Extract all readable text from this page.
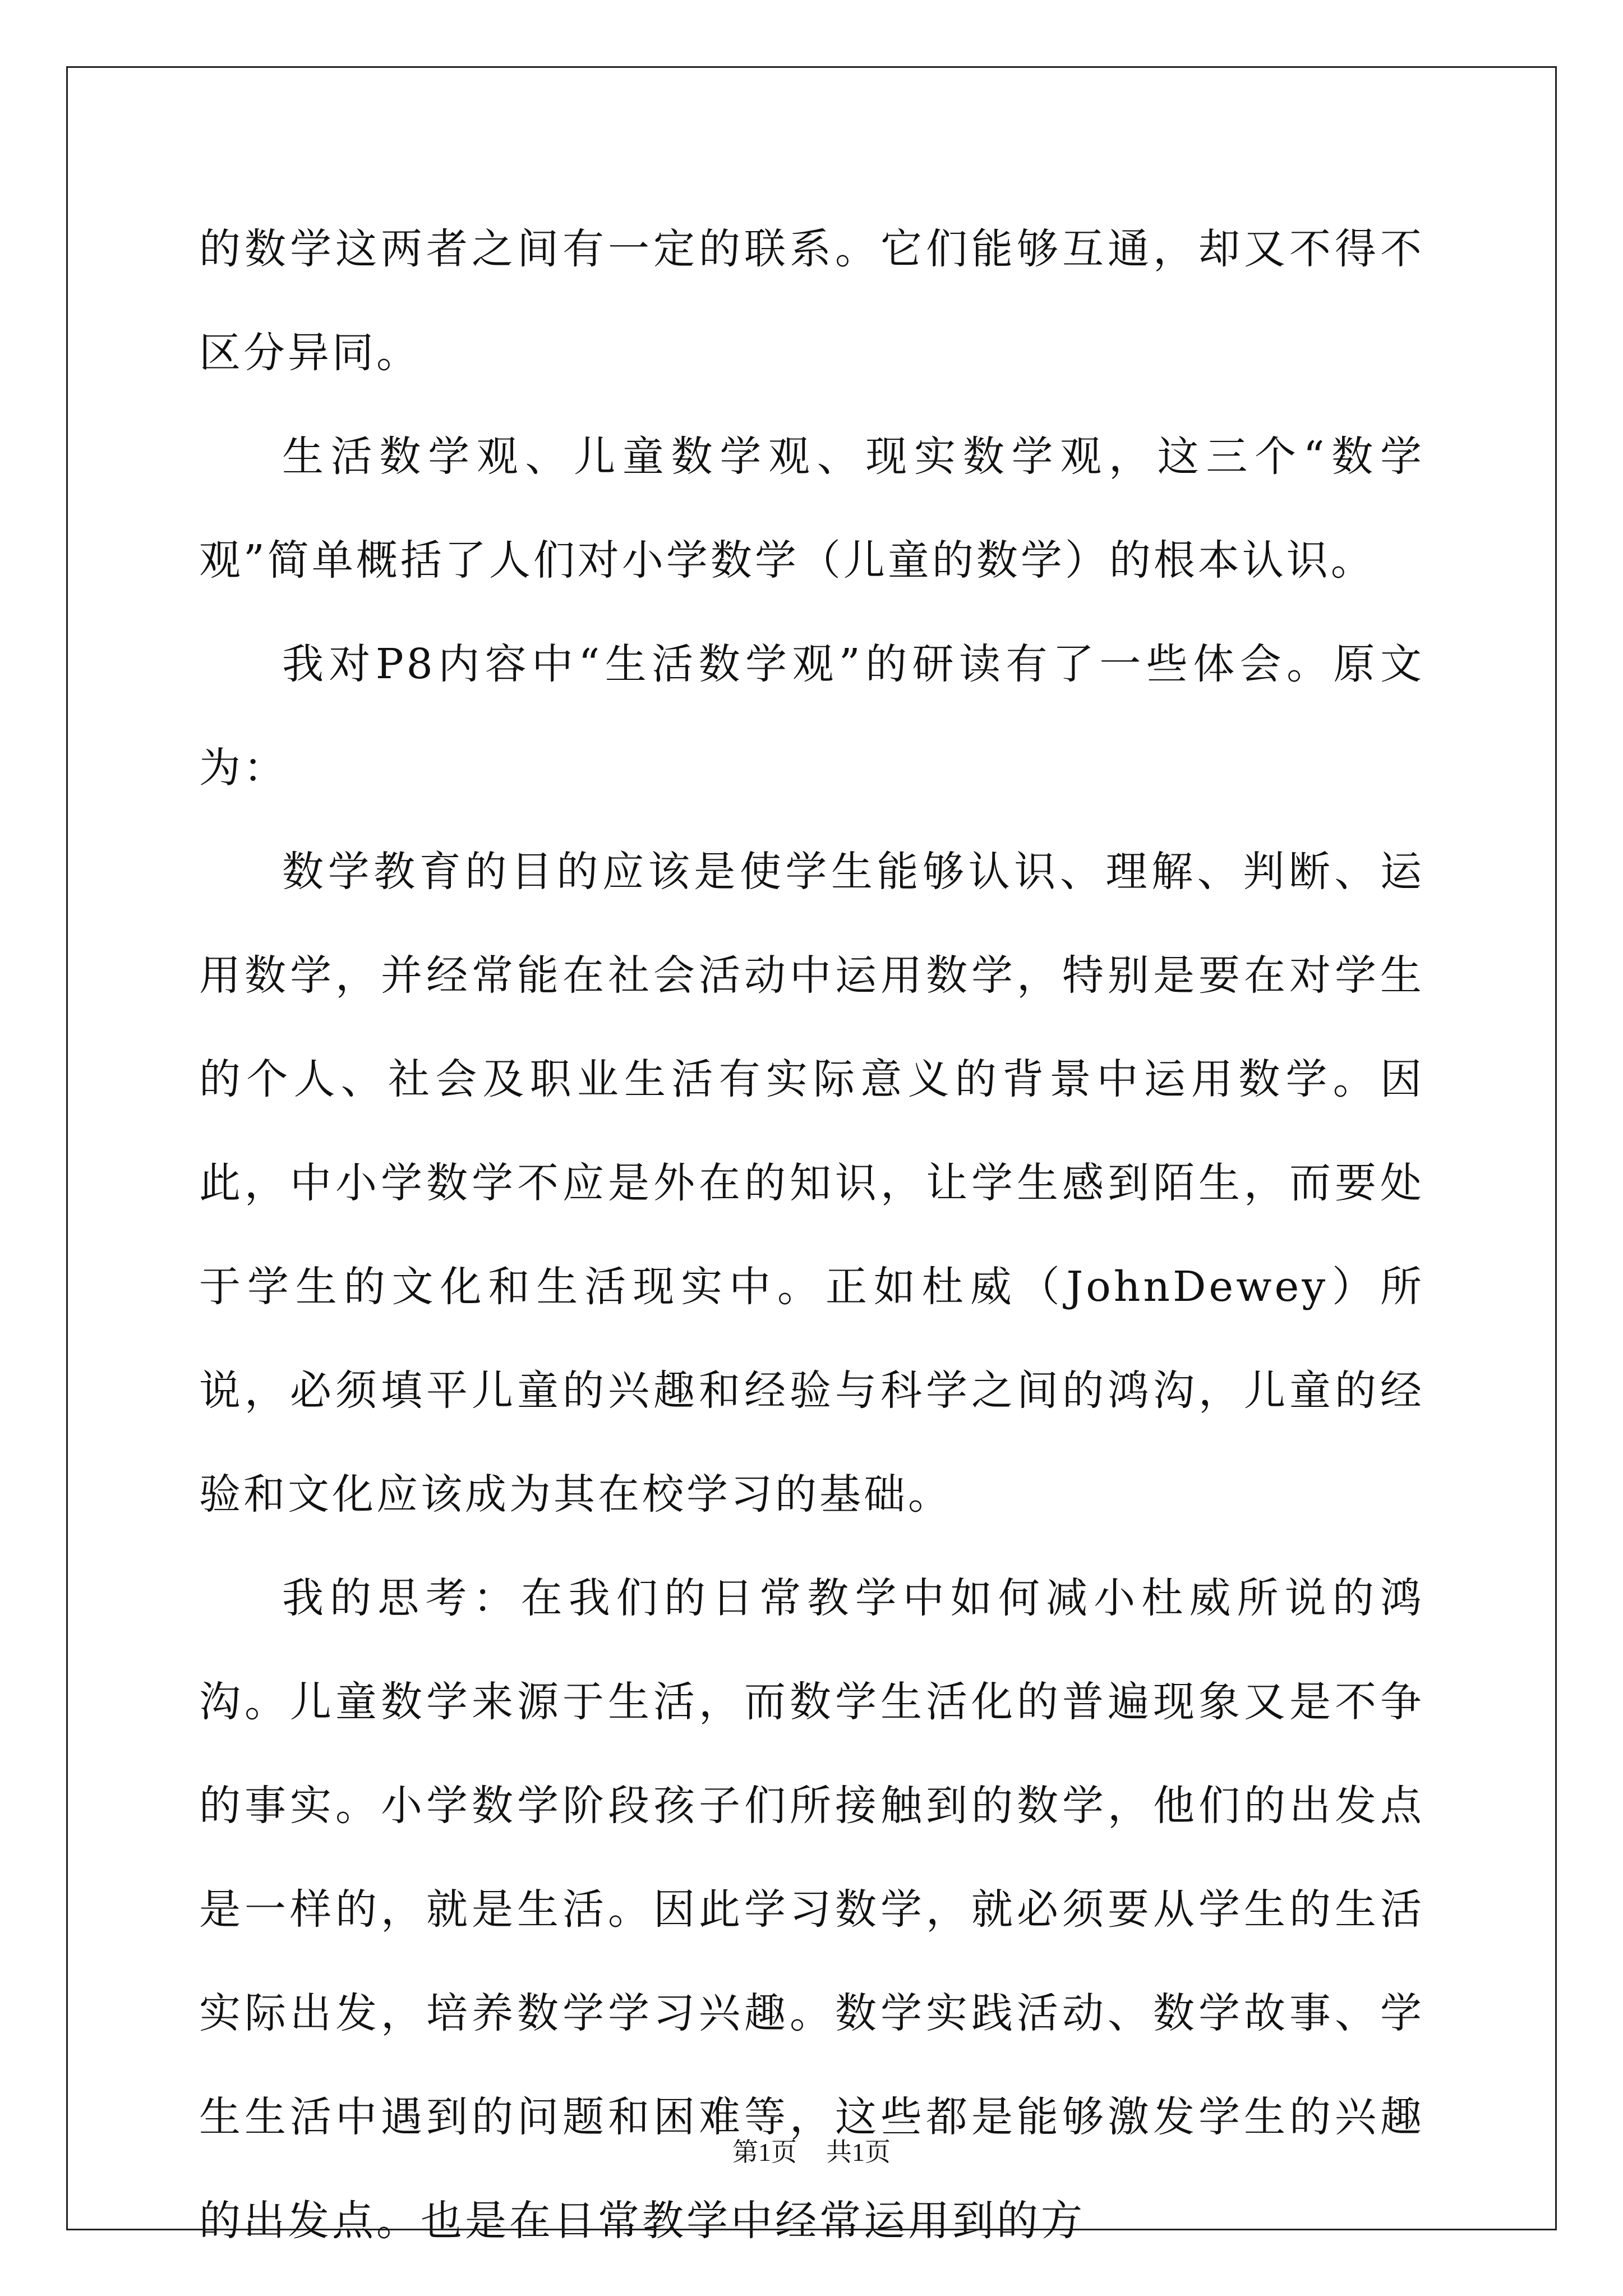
的数学这两者之间有一定的联系。它们能够互通，却又不得不区分异同。

生活数学观、儿童数学观、现实数学观，这三个“数学观”简单概括了人们对小学数学（儿童的数学）的根本认识。

我对P8内容中“生活数学观”的研读有了一些体会。原文为：

数学教育的目的应该是使学生能够认识、理解、判断、运用数学，并经常能在社会活动中运用数学，特别是要在对学生的个人、社会及职业生活有实际意义的背景中运用数学。因此，中小学数学不应是外在的知识，让学生感到陌生，而要处于学生的文化和生活现实中。正如杜威（JohnDewey）所说，必须填平儿童的兴趣和经验与科学之间的鸿沟，儿童的经验和文化应该成为其在校学习的基础。

我的思考：在我们的日常教学中如何减小杜威所说的鸿沟。儿童数学来源于生活，而数学生活化的普遍现象又是不争的事实。小学数学阶段孩子们所接触到的数学，他们的出发点是一样的，就是生活。因此学习数学，就必须要从学生的生活实际出发，培养数学学习兴趣。数学实践活动、数学故事、学生生活中遇到的问题和困难等，这些都是能够激发学生的兴趣的出发点。也是在日常教学中经常运用到的方

第1页 共1页
